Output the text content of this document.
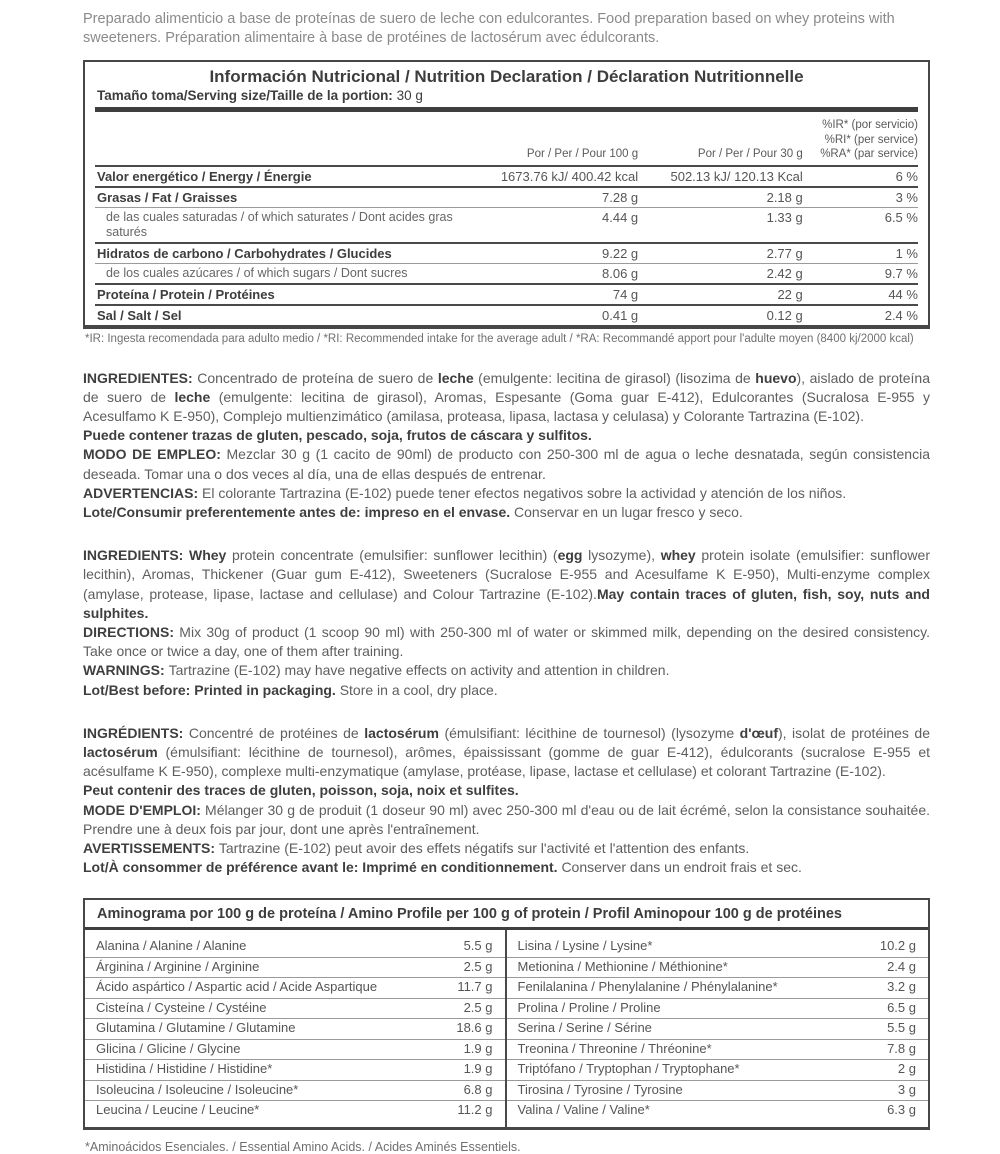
Preparado alimenticio a base de proteínas de suero de leche con edulcorantes. Food preparation based on whey proteins with sweeteners. Préparation alimentaire à base de protéines de lactosérum avec édulcorants.

Información Nutricional / Nutrition Declaration / Déclaration Nutritionnelle
Tamaño toma/Serving size/Taille de la portion: 30 g
Por / Per / Pour 100 g	Por / Per / Pour 30 g
%IR* (por servicio)
%RI* (per service)
%RA* (par service)
Valor energético / Energy / Énergie	1673.76 kJ/ 400.42 kcal	502.13 kJ/ 120.13 Kcal	6 %
Grasas / Fat / Graisses	7.28 g	2.18 g	3 %
de las cuales saturadas / of which saturates / Dont acides gras saturés
4.44 g	1.33 g	6.5 %
Hidratos de carbono / Carbohydrates / Glucides	9.22 g	2.77 g	1 %
de los cuales azúcares / of which sugars / Dont sucres	8.06 g	2.42 g	9.7 %
Proteína / Protein / Protéines	74 g	22 g	44 %
Sal / Salt / Sel	0.41 g	0.12 g	2.4 %

*IR: Ingesta recomendada para adulto medio / *RI: Recommended intake for the average adult / *RA: Recommandé apport pour l'adulte moyen (8400 kj/2000 kcal)

INGREDIENTES: Concentrado de proteína de suero de leche (emulgente: lecitina de girasol) (lisozima de huevo), aislado de proteína de suero de leche (emulgente: lecitina de girasol), Aromas, Espesante (Goma guar E-412), Edulcorantes (Sucralosa E-955 y Acesulfamo K E-950), Complejo multienzimático (amilasa, proteasa, lipasa, lactasa y celulasa) y Colorante Tartrazina (E-102).
Puede contener trazas de gluten, pescado, soja, frutos de cáscara y sulfitos.
MODO DE EMPLEO: Mezclar 30 g (1 cacito de 90ml) de producto con 250-300 ml de agua o leche desnatada, según consistencia deseada. Tomar una o dos veces al día, una de ellas después de entrenar.
ADVERTENCIAS: El colorante Tartrazina (E-102) puede tener efectos negativos sobre la actividad y atención de los niños.
Lote/Consumir preferentemente antes de: impreso en el envase. Conservar en un lugar fresco y seco.
INGREDIENTS: Whey protein concentrate (emulsifier: sunflower lecithin) (egg lysozyme), whey protein isolate (emulsifier: sunflower lecithin), Aromas, Thickener (Guar gum E-412), Sweeteners (Sucralose E-955 and Acesulfame K E-950), Multi-enzyme complex (amylase, protease, lipase, lactase and cellulase) and Colour Tartrazine (E-102).May contain traces of gluten, fish, soy, nuts and sulphites.
DIRECTIONS: Mix 30g of product (1 scoop 90 ml) with 250-300 ml of water or skimmed milk, depending on the desired consistency. Take once or twice a day, one of them after training.
WARNINGS: Tartrazine (E-102) may have negative effects on activity and attention in children.
Lot/Best before: Printed in packaging. Store in a cool, dry place.
INGRÉDIENTS: Concentré de protéines de lactosérum (émulsifiant: lécithine de tournesol) (lysozyme d'œuf), isolat de protéines de lactosérum (émulsifiant: lécithine de tournesol), arômes, épaississant (gomme de guar E-412), édulcorants (sucralose E-955 et acésulfame K E-950), complexe multi-enzymatique (amylase, protéase, lipase, lactase et cellulase) et colorant Tartrazine (E-102).
Peut contenir des traces de gluten, poisson, soja, noix et sulfites.
MODE D'EMPLOI: Mélanger 30 g de produit (1 doseur 90 ml) avec 250-300 ml d'eau ou de lait écrémé, selon la consistance souhaitée. Prendre une à deux fois par jour, dont une après l'entraînement.
AVERTISSEMENTS: Tartrazine (E-102) peut avoir des effets négatifs sur l'activité et l'attention des enfants.
Lot/À consommer de préférence avant le: Imprimé en conditionnement. Conserver dans un endroit frais et sec.
Aminograma por 100 g de proteína / Amino Profile per 100 g of protein / Profil Aminopour 100 g de protéines
Alanina / Alanine / Alanine	5.5 g
Árginina / Arginine / Arginine	2.5 g
Ácido aspártico / Aspartic acid / Acide Aspartique	11.7 g
Cisteína / Cysteine / Cystéine	2.5 g
Glutamina / Glutamine / Glutamine	18.6 g
Glicina / Glicine / Glycine	1.9 g
Histidina / Histidine / Histidine*	1.9 g
Isoleucina / Isoleucine / Isoleucine*	6.8 g
Leucina / Leucine / Leucine*	11.2 g
Lisina / Lysine / Lysine*	10.2 g
Metionina / Methionine / Méthionine*	2.4 g
Fenilalanina / Phenylalanine / Phénylalanine*	3.2 g
Prolina / Proline / Proline	6.5 g
Serina / Serine / Sérine	5.5 g
Treonina / Threonine / Thréonine*	7.8 g
Triptófano / Tryptophan / Tryptophane*	2 g
Tirosina / Tyrosine / Tyrosine	3 g
Valina / Valine / Valine*	6.3 g

*Aminoácidos Esenciales. / Essential Amino Acids. / Acides Aminés Essentiels.
